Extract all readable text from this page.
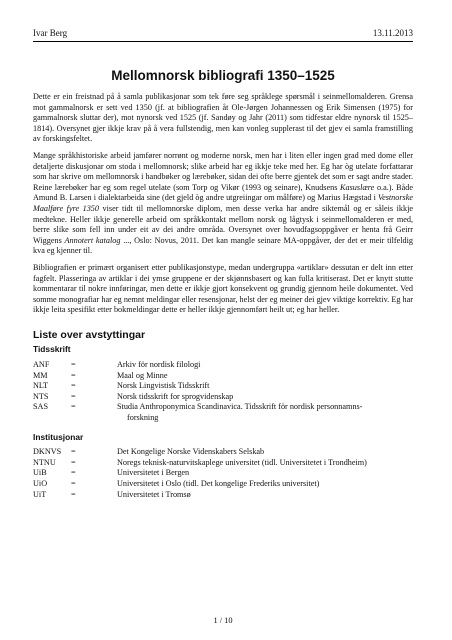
Ivar Berg	13.11.2013
Mellomnorsk bibliografi 1350–1525

Dette er ein freistnad på å samla publikasjonar som tek føre seg språklege spørsmål i seinmellomalderen. Grensa mot gammalnorsk er sett ved 1350 (jf. at bibliografien åt Ole-Jørgen Johannessen og Erik Simensen (1975) for gammalnorsk sluttar der), mot nynorsk ved 1525 (jf. Sandøy og Jahr (2011) som tidfestar eldre nynorsk til 1525–1814). Oversynet gjer ikkje krav på å vera fullstendig, men kan vonleg supplerast til det gjev ei samla framstilling av forskingsfeltet.

Mange språkhistoriske arbeid jamfører norrønt og moderne norsk, men har i liten eller ingen grad med dome eller detaljerte diskusjonar om stoda i mellomnorsk; slike arbeid har eg ikkje teke med her. Eg har òg utelate forfattarar som har skrive om mellomnorsk i handbøker og lærebøker, sidan dei ofte berre gjentek det som er sagt andre stader. Reine lærebøker har eg som regel utelate (som Torp og Vikør (1993 og seinare), Knudsens Kasuslære o.a.). Både Amund B. Larsen i dialektarbeida sine (det gjeld òg andre utgreiingar om målføre) og Marius Hægstad i Vestnorske Maalføre fyre 1350 viser tidt til mellomnorske diplom, men desse verka har andre siktemål og er såleis ikkje medtekne. Heller ikkje generelle arbeid om språkkontakt mellom norsk og lågtysk i seinmellomalderen er med, berre slike som fell inn under eit av dei andre områda. Oversynet over hovudfagsoppgåver er henta frå Geirr Wiggens Annotert katalog ..., Oslo: Novus, 2011. Det kan mangle seinare MA-oppgåver, der det er meir tilfeldig kva eg kjenner til.

Bibliografien er primært organisert etter publikasjonstype, medan undergruppa «artiklar» dessutan er delt inn etter fagfelt. Plasseringa av artiklar i dei ymse gruppene er der skjønnsbasert og kan fulla kritiserast. Det er knytt stutte kommentarar til nokre innføringar, men dette er ikkje gjort konsekvent og grundig gjennom heile dokumentet. Ved somme monografiar har eg nemnt meldingar eller resensjonar, helst der eg meiner dei gjev viktige korrektiv. Eg har ikkje leita spesifikt etter bokmeldingar dette er heller ikkje gjennomført heilt ut; eg har heller.

Liste over avstyttingar
Tidsskrift
ANF	=	Arkiv för nordisk filologi
MM	=	Maal og Minne
NLT	=	Norsk Lingvistisk Tidsskrift
NTS	=	Norsk tidsskrift for sprogvidenskap
SAS	=	Studia Anthroponymica Scandinavica. Tidsskrift för nordisk personnamns-
forskning
Institusjonar
DKNVS	=	Det Kongelige Norske Videnskabers Selskab
NTNU	=	Noregs teknisk-naturvitskaplege universitet (tidl. Universitetet i Trondheim)
UiB	=	Universitetet i Bergen
UiO	=	Universitetet i Oslo (tidl. Det kongelige Frederiks universitet)
UiT	=	Universitetet i Tromsø
1 / 10
